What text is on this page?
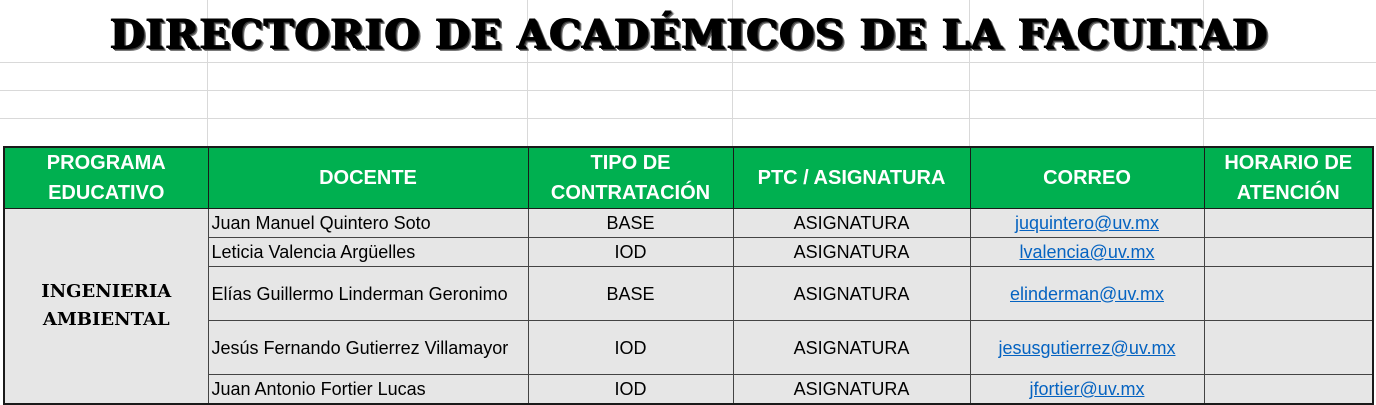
DIRECTORIO DE ACADÉMICOS DE LA FACULTAD
PROGRAMA EDUCATIVO	DOCENTE	TIPO DE CONTRATACIÓN	PTC / ASIGNATURA	CORREO	HORARIO DE ATENCIÓN
INGENIERIA AMBIENTAL	Juan Manuel Quintero Soto	BASE	ASIGNATURA	juquintero@uv.mx	
	Leticia Valencia Argüelles	IOD	ASIGNATURA	lvalencia@uv.mx	
	Elías Guillermo Linderman Geronimo	BASE	ASIGNATURA	elinderman@uv.mx	
	Jesús Fernando Gutierrez Villamayor	IOD	ASIGNATURA	jesusgutierrez@uv.mx	
	Juan Antonio Fortier Lucas	IOD	ASIGNATURA	jfortier@uv.mx	
